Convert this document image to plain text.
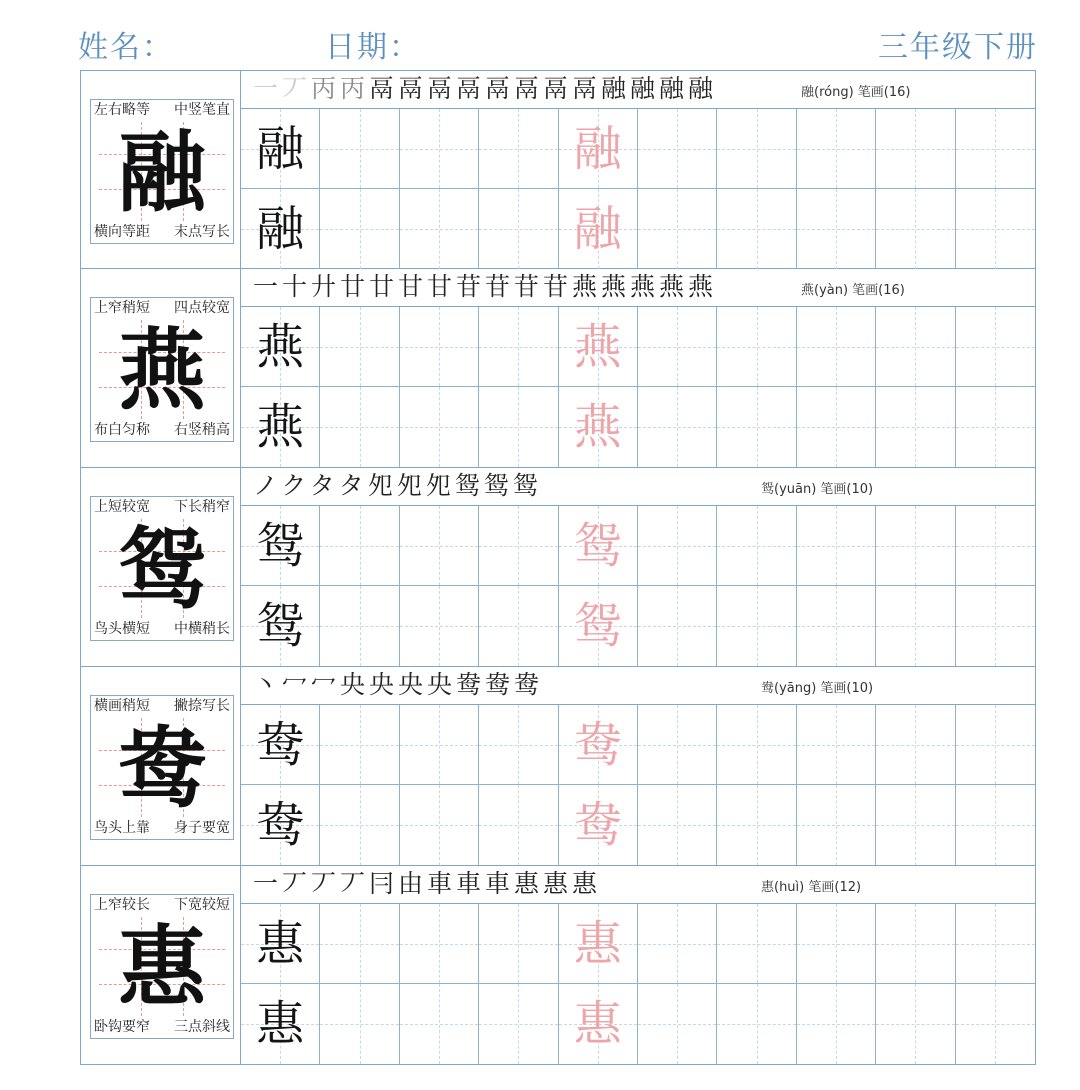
姓名：	日期：	三年级下册
融
左右略等 中竖笔直
横向等距 末点写长
一丆丙丙鬲鬲鬲鬲鬲鬲鬲鬲融融融融	融(róng) 笔画(16)
融	融
融	融
燕
上窄稍短 四点较宽
布白匀称 右竖稍高
一十廾廿廿甘甘苷苷苷苷燕燕燕燕燕	燕(yàn) 笔画(16)
燕	燕
燕	燕
鸳
上短较宽 下长稍窄
鸟头横短 中横稍长
ノクタタ夗夗夗鸳鸳鸳	鸳(yuān) 笔画(10)
鸳	鸳
鸳	鸳
鸯
横画稍短 撇捺写长
鸟头上靠 身子要宽
丶冖冖央央央央鸯鸯鸯	鸯(yāng) 笔画(10)
鸯	鸯
鸯	鸯
惠
上窄较长 下宽较短
卧钩要窄 三点斜线
一丆丆丆冃由車車車惠惠惠	惠(huì) 笔画(12)
惠	惠
惠	惠
